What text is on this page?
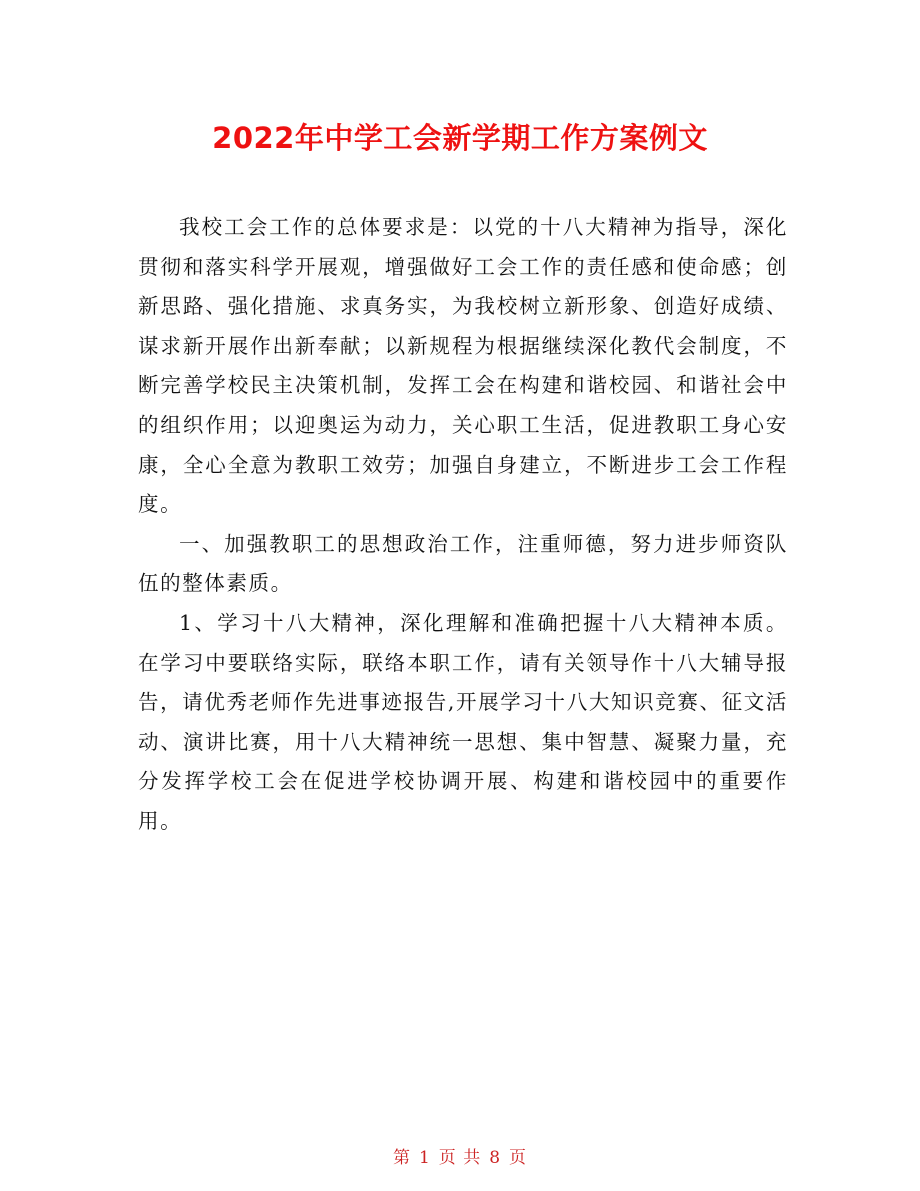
2022年中学工会新学期工作方案例文

我校工会工作的总体要求是：以党的十八大精神为指导，深化贯彻和落实科学开展观，增强做好工会工作的责任感和使命感；创新思路、强化措施、求真务实，为我校树立新形象、创造好成绩、谋求新开展作出新奉献；以新规程为根据继续深化教代会制度，不断完善学校民主决策机制，发挥工会在构建和谐校园、和谐社会中的组织作用；以迎奥运为动力，关心职工生活，促进教职工身心安康，全心全意为教职工效劳；加强自身建立，不断进步工会工作程度。

一、加强教职工的思想政治工作，注重师德，努力进步师资队伍的整体素质。

1、学习十八大精神，深化理解和准确把握十八大精神本质。在学习中要联络实际，联络本职工作，请有关领导作十八大辅导报告，请优秀老师作先进事迹报告,开展学习十八大知识竞赛、征文活动、演讲比赛，用十八大精神统一思想、集中智慧、凝聚力量，充分发挥学校工会在促进学校协调开展、构建和谐校园中的重要作用。

第 1 页 共 8 页
